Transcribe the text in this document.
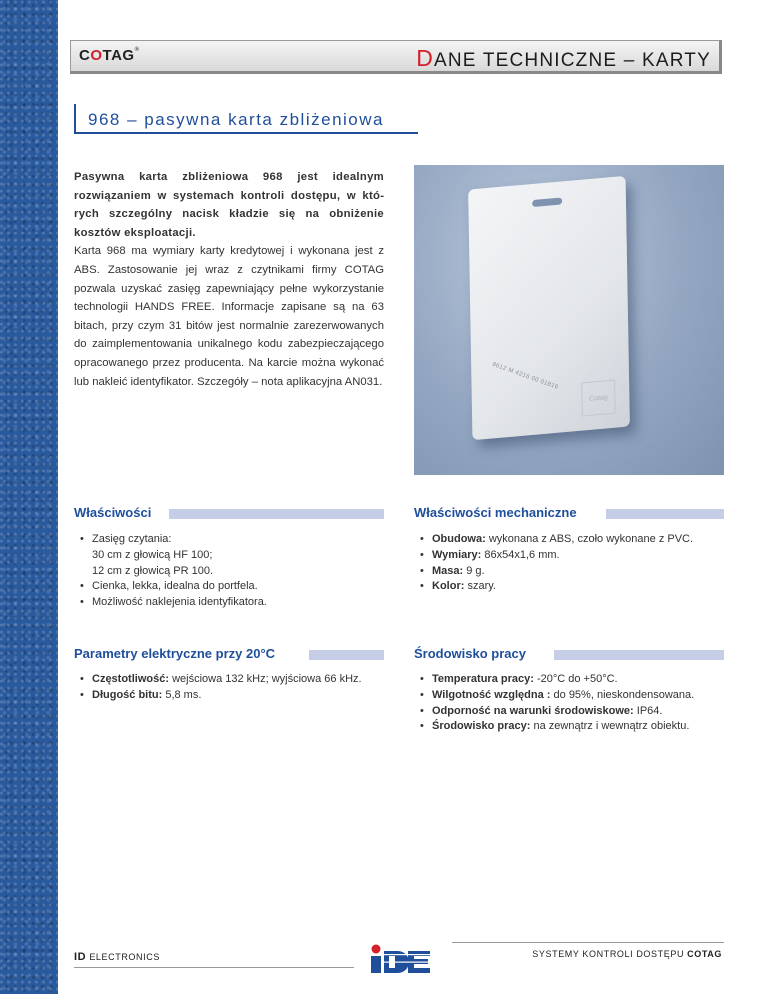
COTAG®	DANE TECHNICZNE – KARTY
968 – pasywna karta zbliżeniowa
Pasywna karta zbliżeniowa 968 jest idealnym rozwiązaniem w systemach kontroli dostępu, w których szczególny nacisk kładzie się na obniżenie kosztów eksploatacji.
Karta 968 ma wymiary karty kredytowej i wykonana jest z ABS. Zastosowanie jej wraz z czytnikami firmy COTAG pozwala uzyskać zasięg zapewniający pełne wykorzystanie technologii HANDS FREE. Informacje zapisane są na 63 bitach, przy czym 31 bitów jest normalnie zarezerwowanych do zaimplementowania unikalnego kodu zabezpieczającego opracowanego przez producenta. Na karcie można wykonać lub nakleić identyfikator. Szczegóły – nota aplikacyjna AN031.	9612 M 4216 00 01816
Cotag
Właściwości
• Zasięg czytania:
30 cm z głowicą HF 100;
12 cm z głowicą PR 100.
• Cienka, lekka, idealna do portfela.
• Możliwość naklejenia identyfikatora.
Właściwości mechaniczne
• Obudowa: wykonana z ABS, czoło wykonane z PVC.
• Wymiary: 86x54x1,6 mm.
• Masa: 9 g.
• Kolor: szary.
Parametry elektryczne przy 20°C
• Częstotliwość: wejściowa 132 kHz; wyjściowa 66 kHz.
• Długość bitu: 5,8 ms.
Środowisko pracy
• Temperatura pracy: -20°C do +50°C.
• Wilgotność względna : do 95%, nieskondensowana.
• Odporność na warunki środowiskowe: IP64.
• Środowisko pracy: na zewnątrz i wewnątrz obiektu.
ID ELECTRONICS	SYSTEMY KONTROLI DOSTĘPU COTAG
